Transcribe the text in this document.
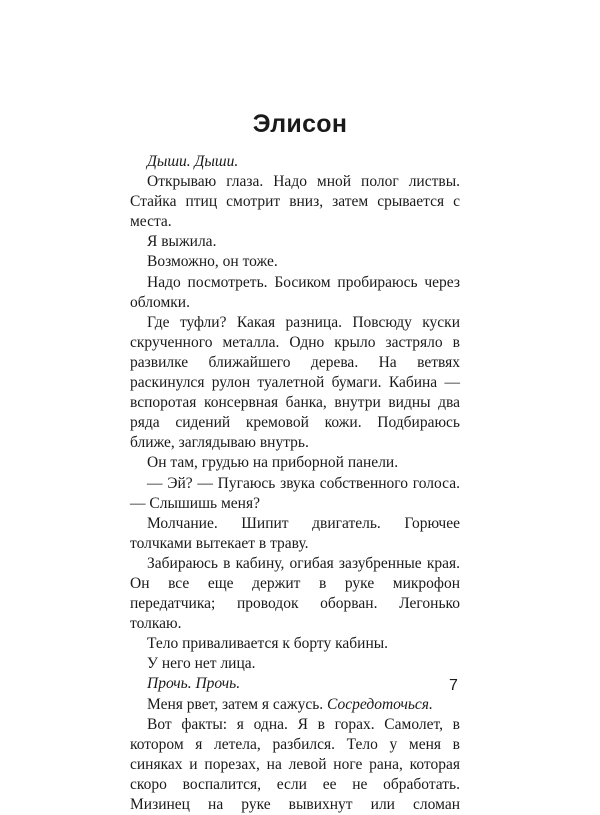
Элисон

Дыши. Дыши.

Открываю глаза. Надо мной полог листвы. Стайка птиц смотрит вниз, затем срывается с места.

Я выжила.

Возможно, он тоже.

Надо посмотреть. Босиком пробираюсь через обломки.

Где туфли? Какая разница. Повсюду куски скрученного металла. Одно крыло застряло в развилке ближайшего дерева. На ветвях раскинулся рулон туалетной бумаги. Кабина — вспоротая консервная банка, внутри видны два ряда сидений кремовой кожи. Подбираюсь ближе, заглядываю внутрь.

Он там, грудью на приборной панели.

— Эй? — Пугаюсь звука собственного голоса. — Слышишь меня?

Молчание. Шипит двигатель. Горючее толчками вытекает в траву.

Забираюсь в кабину, огибая зазубренные края. Он все еще держит в руке микрофон передатчика; проводок оборван. Легонько толкаю.

Тело приваливается к борту кабины.

У него нет лица.

Прочь. Прочь.

Меня рвет, затем я сажусь. Сосредоточься.

Вот факты: я одна. Я в горах. Самолет, в котором я летела, разбился. Тело у меня в синяках и порезах, на левой ноге рана, которая скоро воспалится, если ее не обработать. Мизинец на руке вывихнут или сломан

7
